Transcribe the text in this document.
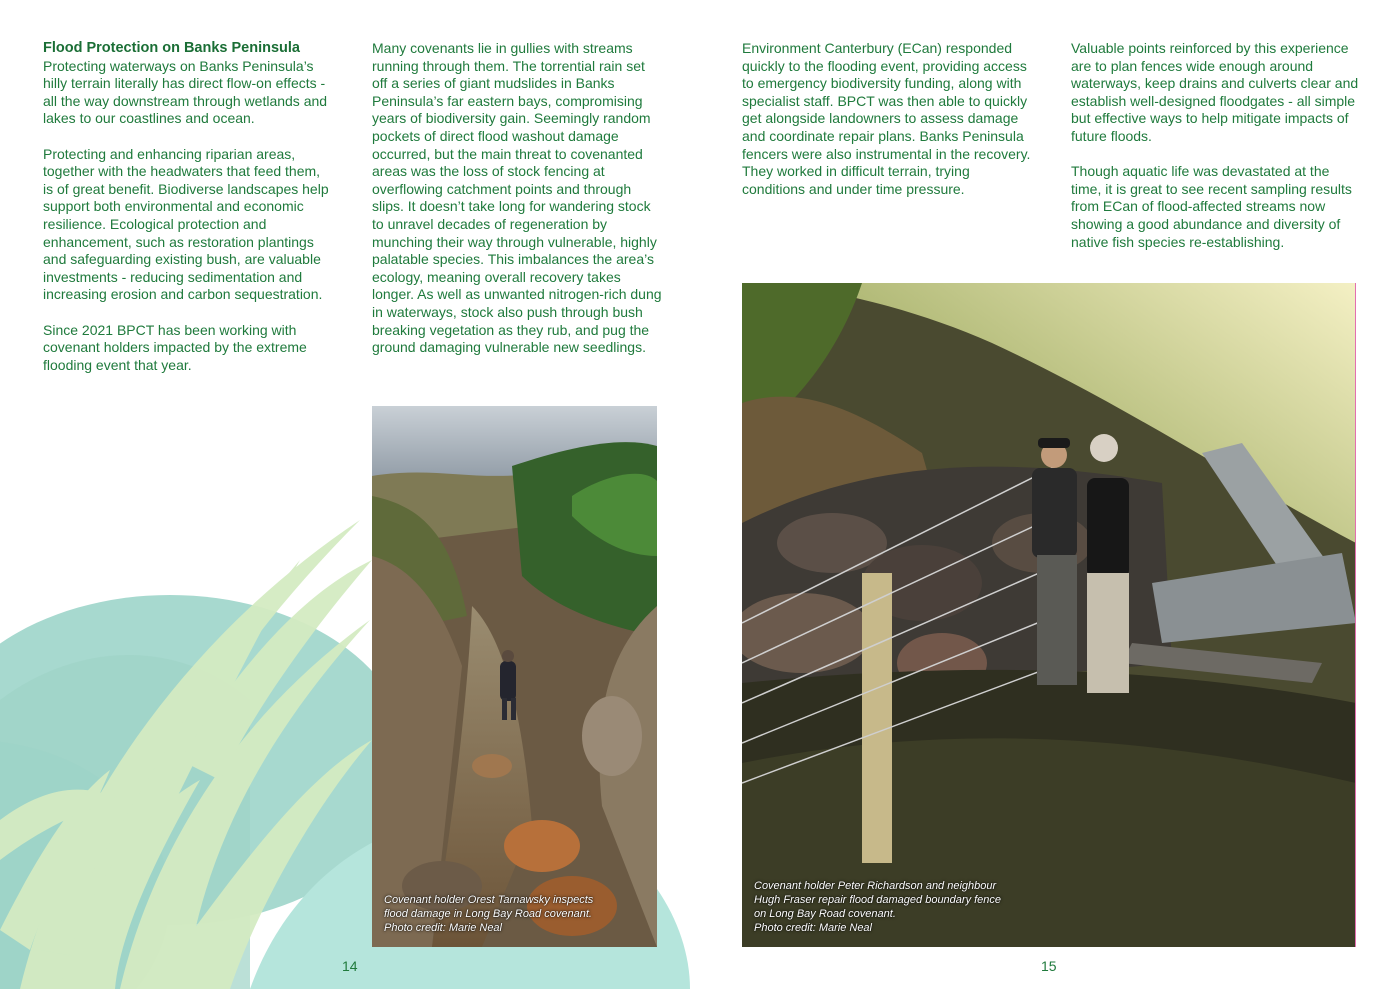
Flood Protection on Banks Peninsula

Protecting waterways on Banks Peninsula’s hilly terrain literally has direct flow-on effects - all the way downstream through wetlands and lakes to our coastlines and ocean.

Protecting and enhancing riparian areas, together with the headwaters that feed them, is of great benefit. Biodiverse landscapes help support both environmental and economic resilience. Ecological protection and enhancement, such as restoration plantings and safeguarding existing bush, are valuable investments - reducing sedimentation and increasing erosion and carbon sequestration.

Since 2021 BPCT has been working with covenant holders impacted by the extreme flooding event that year.

Many covenants lie in gullies with streams running through them. The torrential rain set off a series of giant mudslides in Banks Peninsula’s far eastern bays, compromising years of biodiversity gain. Seemingly random pockets of direct flood washout damage occurred, but the main threat to covenanted areas was the loss of stock fencing at overflowing catchment points and through slips. It doesn’t take long for wandering stock to unravel decades of regeneration by munching their way through vulnerable, highly palatable species. This imbalances the area’s ecology, meaning overall recovery takes longer. As well as unwanted nitrogen-rich dung in waterways, stock also push through bush breaking vegetation as they rub, and pug the ground damaging vulnerable new seedlings.

Environment Canterbury (ECan) responded quickly to the flooding event, providing access to emergency biodiversity funding, along with specialist staff. BPCT was then able to quickly get alongside landowners to assess damage and coordinate repair plans. Banks Peninsula fencers were also instrumental in the recovery. They worked in difficult terrain, trying conditions and under time pressure.

Valuable points reinforced by this experience are to plan fences wide enough around waterways, keep drains and culverts clear and establish well-designed floodgates - all simple but effective ways to help mitigate impacts of future floods.

Though aquatic life was devastated at the time, it is great to see recent sampling results from ECan of flood-affected streams now showing a good abundance and diversity of native fish species re-establishing.

Covenant holder Orest Tarnawsky inspects
flood damage in Long Bay Road covenant.
Photo credit: Marie Neal
Covenant holder Peter Richardson and neighbour
Hugh Fraser repair flood damaged boundary fence
on Long Bay Road covenant.
Photo credit: Marie Neal
14	15
